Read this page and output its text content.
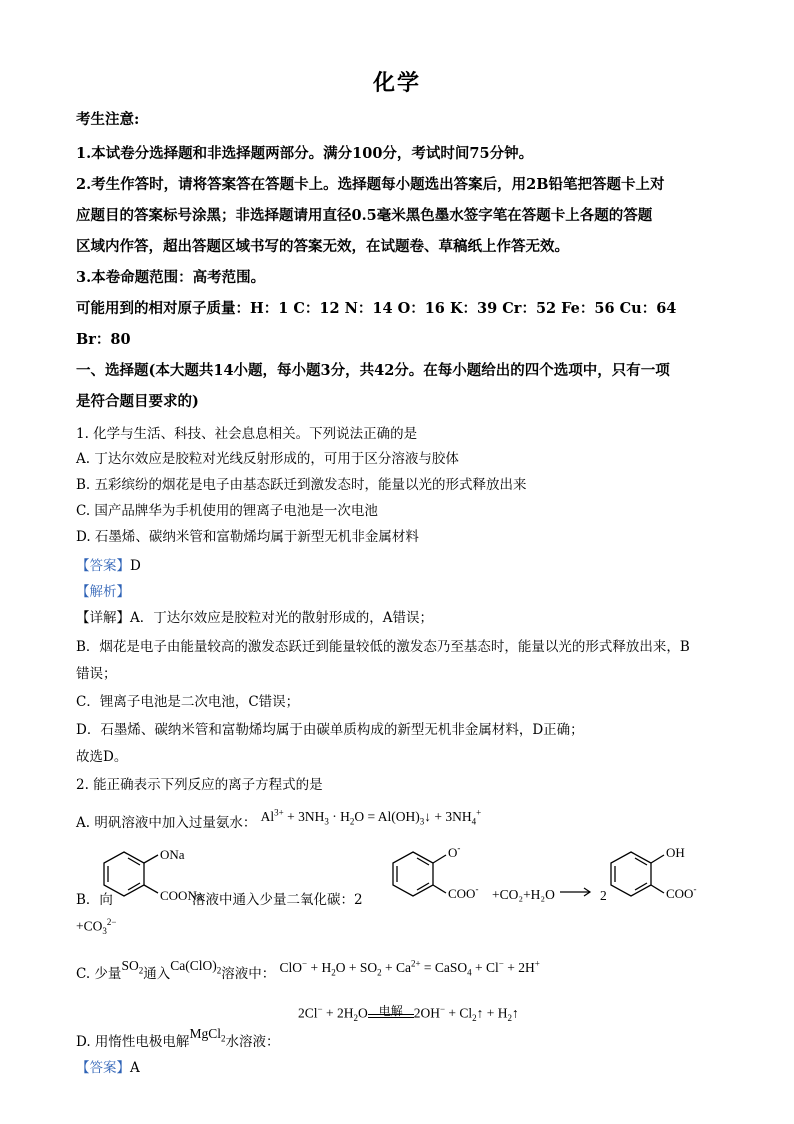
化学
考生注意:
1.本试卷分选择题和非选择题两部分。满分100分，考试时间75分钟。
2.考生作答时，请将答案答在答题卡上。选择题每小题选出答案后，用2B铅笔把答题卡上对
应题目的答案标号涂黑；非选择题请用直径0.5毫米黑色墨水签字笔在答题卡上各题的答题
区域内作答，超出答题区域书写的答案无效，在试题卷、草稿纸上作答无效。
3.本卷命题范围：高考范围。
可能用到的相对原子质量：H：1 C：12 N：14 O：16 K：39 Cr：52 Fe：56 Cu：64
Br：80
一、选择题(本大题共14小题，每小题3分，共42分。在每小题给出的四个选项中，只有一项
是符合题目要求的)
1. 化学与生活、科技、社会息息相关。下列说法正确的是
A. 丁达尔效应是胶粒对光线反射形成的，可用于区分溶液与胶体
B. 五彩缤纷的烟花是电子由基态跃迁到激发态时，能量以光的形式释放出来
C. 国产品牌华为手机使用的锂离子电池是一次电池
D. 石墨烯、碳纳米管和富勒烯均属于新型无机非金属材料
【答案】D
【解析】
【详解】A．丁达尔效应是胶粒对光的散射形成的，A错误；
B．烟花是电子由能量较高的激发态跃迁到能量较低的激发态乃至基态时，能量以光的形式释放出来，B
错误；
C．锂离子电池是二次电池，C错误；
D．石墨烯、碳纳米管和富勒烯均属于由碳单质构成的新型无机非金属材料，D正确；
故选D。
2. 能正确表示下列反应的离子方程式的是
A. 明矾溶液中加入过量氨水： $Al^{3+} + 3NH_3 \cdot H_2O$ = $Al(OH)_3↓ + 3NH_4^+$
ONa
COONa
O-
COO-
OH
COO-
B．向	溶液中通入少量二氧化碳：2	+CO₂+H₂O	2
$+CO_3^{2-}$
C. 少量$SO_2$通入$Ca(ClO)_2$溶液中： $ClO^- + H_2O + SO_2 + Ca^{2+}$ = CaSO$_4$ + Cl− + 2H+
$2Cl^- + 2H_2O$ 电解 $2OH^- + Cl_2↑$ + $H_2↑$
D. 用惰性电极电解MgCl$_2$水溶液：
【答案】A
